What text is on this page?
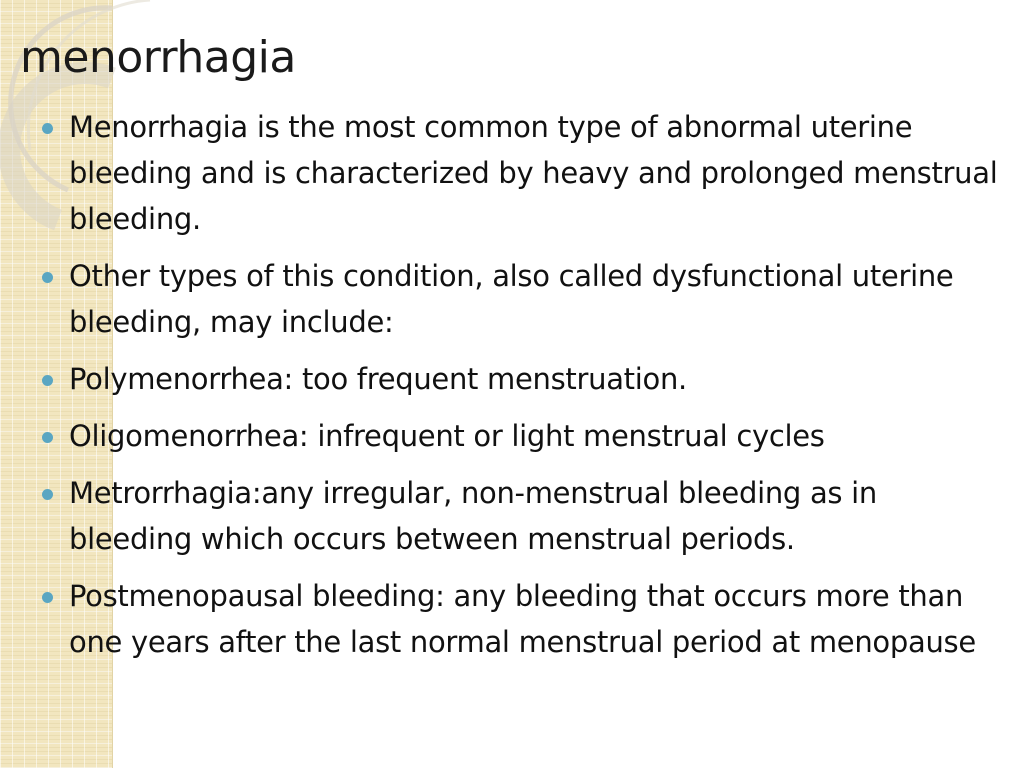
menorrhagia
Menorrhagia is the most common type of abnormal uterine bleeding and is characterized by heavy and prolonged menstrual bleeding.
Other types of this condition, also called dysfunctional uterine bleeding, may include:
Polymenorrhea: too frequent menstruation.
Oligomenorrhea: infrequent or light menstrual cycles
Metrorrhagia:any irregular, non-menstrual bleeding as in bleeding which occurs between menstrual periods.
Postmenopausal bleeding: any bleeding that occurs more than one years after the last normal menstrual period at menopause
